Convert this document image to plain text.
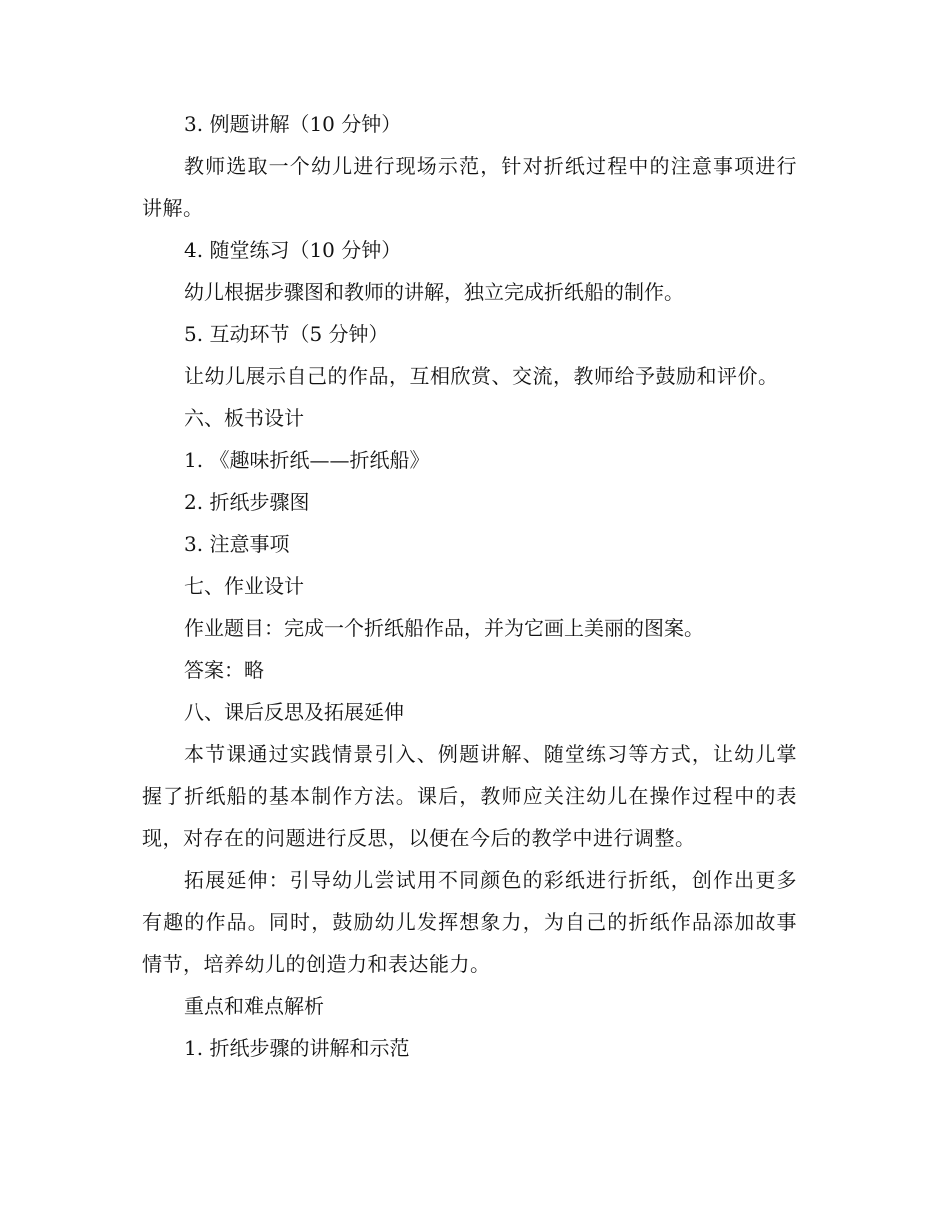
3. 例题讲解（10 分钟）
教师选取一个幼儿进行现场示范，针对折纸过程中的注意事项进行讲解。
4. 随堂练习（10 分钟）
幼儿根据步骤图和教师的讲解，独立完成折纸船的制作。
5. 互动环节（5 分钟）
让幼儿展示自己的作品，互相欣赏、交流，教师给予鼓励和评价。
六、板书设计
1. 《趣味折纸——折纸船》
2. 折纸步骤图
3. 注意事项
七、作业设计
作业题目：完成一个折纸船作品，并为它画上美丽的图案。
答案：略
八、课后反思及拓展延伸
本节课通过实践情景引入、例题讲解、随堂练习等方式，让幼儿掌握了折纸船的基本制作方法。课后，教师应关注幼儿在操作过程中的表现，对存在的问题进行反思，以便在今后的教学中进行调整。
拓展延伸：引导幼儿尝试用不同颜色的彩纸进行折纸，创作出更多有趣的作品。同时，鼓励幼儿发挥想象力，为自己的折纸作品添加故事情节，培养幼儿的创造力和表达能力。
重点和难点解析
1. 折纸步骤的讲解和示范
